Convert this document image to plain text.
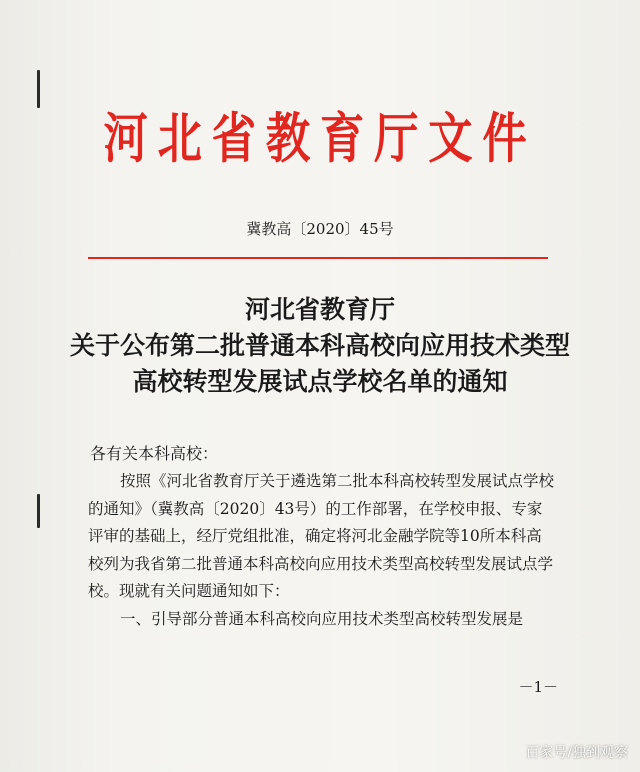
河北省教育厅文件
冀教高〔2020〕45号
河北省教育厅
关于公布第二批普通本科高校向应用技术类型
高校转型发展试点学校名单的通知
各有关本科高校：

按照《河北省教育厅关于遴选第二批本科高校转型发展试点学校的通知》（冀教高〔2020〕43号）的工作部署，在学校申报、专家评审的基础上，经厅党组批准，确定将河北金融学院等10所本科高校列为我省第二批普通本科高校向应用技术类型高校转型发展试点学校。现就有关问题通知如下：

一、引导部分普通本科高校向应用技术类型高校转型发展是

－1－
百家号/独到观察
